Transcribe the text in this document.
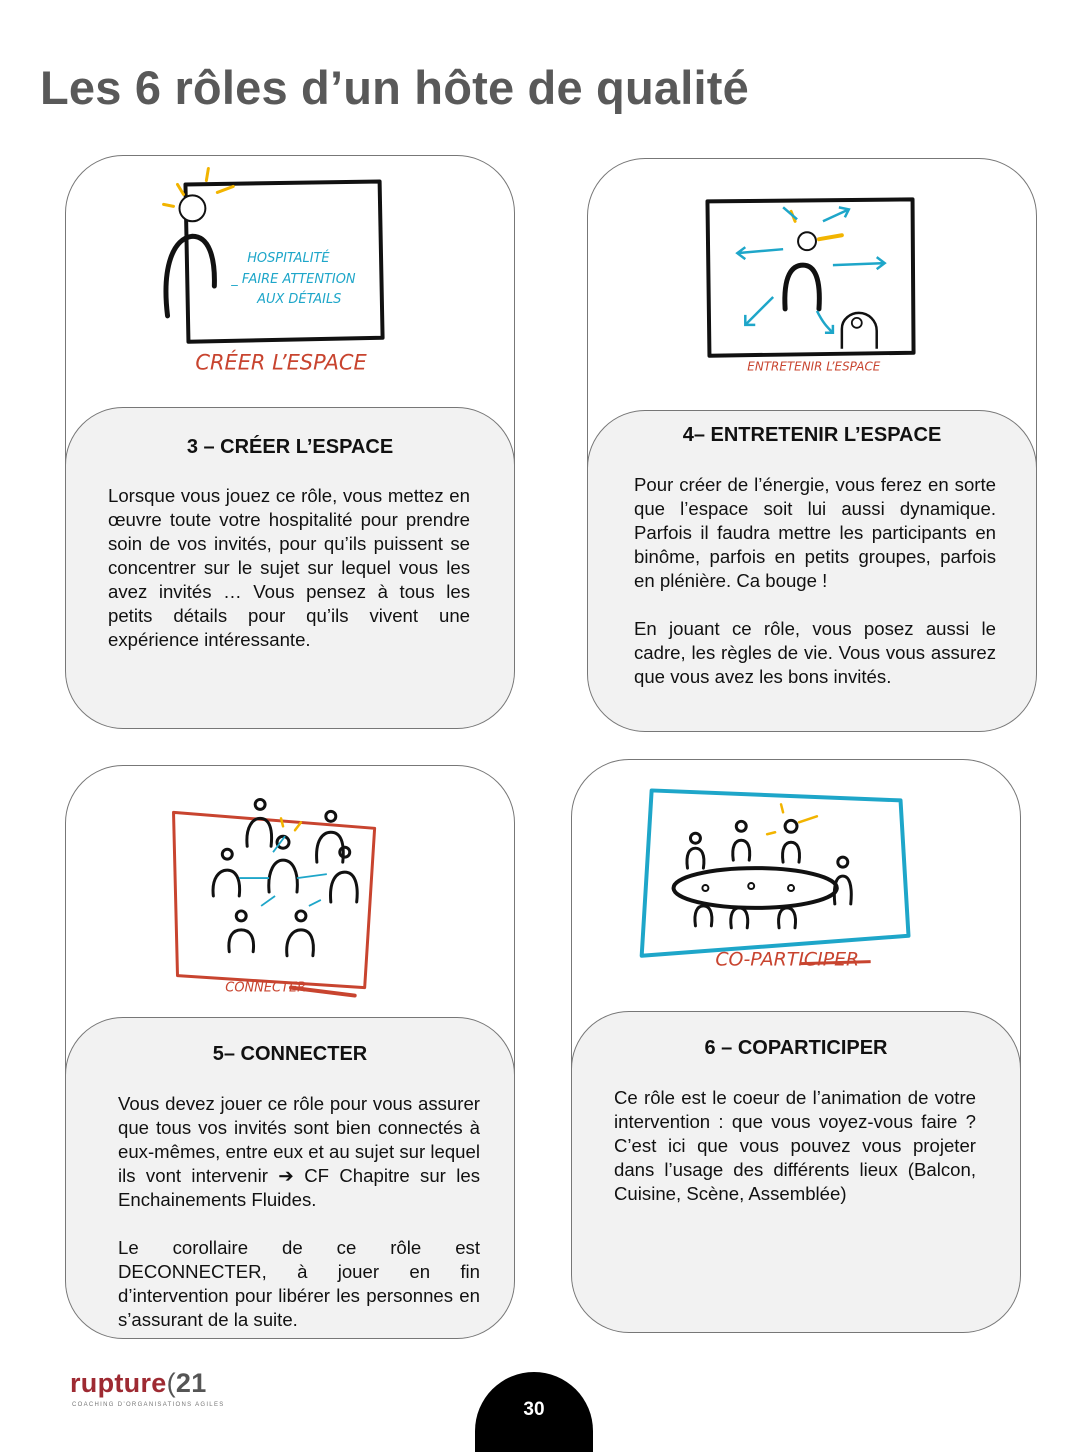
Les 6 rôles d’un hôte de qualité
HOSPITALITÉ
_ FAIRE ATTENTION
AUX DÉTAILS
CRÉER L’ESPACE
3 – CRÉER L’ESPACE

Lorsque vous jouez ce rôle, vous mettez en œuvre toute votre hospitalité pour prendre soin de vos invités, pour qu’ils puissent se concentrer sur le sujet sur lequel vous les avez invités … Vous pensez à tous les petits détails pour qu’ils vivent une expérience intéressante.

ENTRETENIR L’ESPACE
4– ENTRETENIR L’ESPACE

Pour créer de l’énergie, vous ferez en sorte que l’espace soit lui aussi dynamique. Parfois il faudra mettre les participants en binôme, parfois en petits groupes, parfois en plénière. Ca bouge !

En jouant ce rôle, vous posez aussi le cadre, les règles de vie. Vous vous assurez que vous avez les bons invités.

CONNECTER
5– CONNECTER

Vous devez jouer ce rôle pour vous assurer que tous vos invités sont bien connectés à eux-mêmes, entre eux et au sujet sur lequel ils vont intervenir ➔ CF Chapitre sur les Enchainements Fluides.

Le corollaire de ce rôle est DECONNECTER, à jouer en fin d’intervention pour libérer les personnes en s’assurant de la suite.

CO-PARTICIPER
6 – COPARTICIPER

Ce rôle est le coeur de l’animation de votre intervention : que vous voyez-vous faire ? C’est ici que vous pouvez vous projeter dans l’usage des différents lieux (Balcon, Cuisine, Scène, Assemblée)

rupture(21
COACHING D’ORGANISATIONS AGILES	30
